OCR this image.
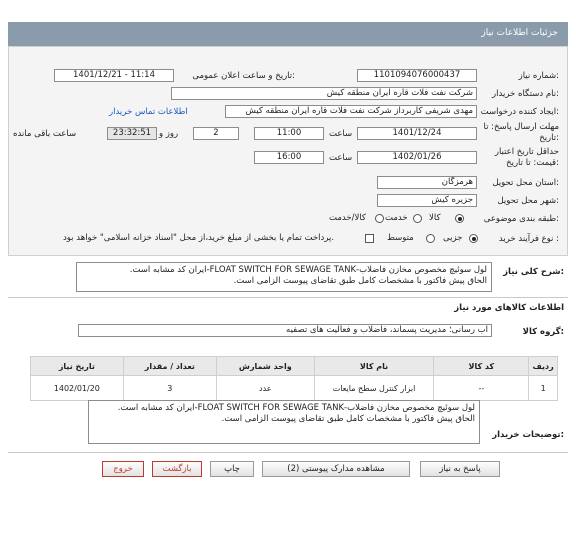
جزئیات اطلاعات نیاز
شماره نیاز:
1101094076000437
تاریخ و ساعت اعلان عمومی:
1401/12/21 - 11:14
نام دستگاه خریدار:
شرکت نفت فلات قاره ایران منطقه کیش
ایجاد کننده درخواست:
مهدی شریفی کاربرداز شرکت نفت فلات قاره ایران منطقه کیش
اطلاعات تماس خریدار
مهلت ارسال پاسخ: تا
تاریخ:
1401/12/24
ساعت
11:00
2
روز و
23:32:51
ساعت باقی مانده
حداقل تاریخ اعتبار
قیمت: تا تاریخ:
1402/01/26
ساعت
16:00
استان محل تحویل:
هرمزگان
شهر محل تحویل:
جزیره کیش
طبقه بندی موضوعی:
کالا
خدمت
کالا/خدمت
نوع فرآیند خرید :
جزیی
متوسط
پرداخت تمام یا بخشی از مبلغ خرید،از محل "اسناد خزانه اسلامی" خواهد بود.
شرح کلی نیاز:
لول سوئیچ مخصوص مخازن فاضلاب-FLOAT SWITCH FOR SEWAGE TANK-ایران کد مشابه است.
الحاق پیش فاکتور با مشخصات کامل طبق تقاضای پیوست الزامی است.
اطلاعات کالاهای مورد نیاز
گروه کالا:
آب رسانی؛ مدیریت پسماند، فاضلاب و فعالیت های تصفیه
ردیف	کد کالا	نام کالا	واحد شمارش	تعداد / مقدار	تاریخ نیاز
1	--	ابزار کنترل سطح مایعات	عدد	3	1402/01/20
توضیحات خریدار:
لول سوئیچ مخصوص مخازن فاضلاب-FLOAT SWITCH FOR SEWAGE TANK-ایران کد مشابه است.
الحاق پیش فاکتور با مشخصات کامل طبق تقاضای پیوست الزامی است.
پاسخ به نیاز
مشاهده مدارک پیوستی (2)
چاپ
بازگشت
خروج
